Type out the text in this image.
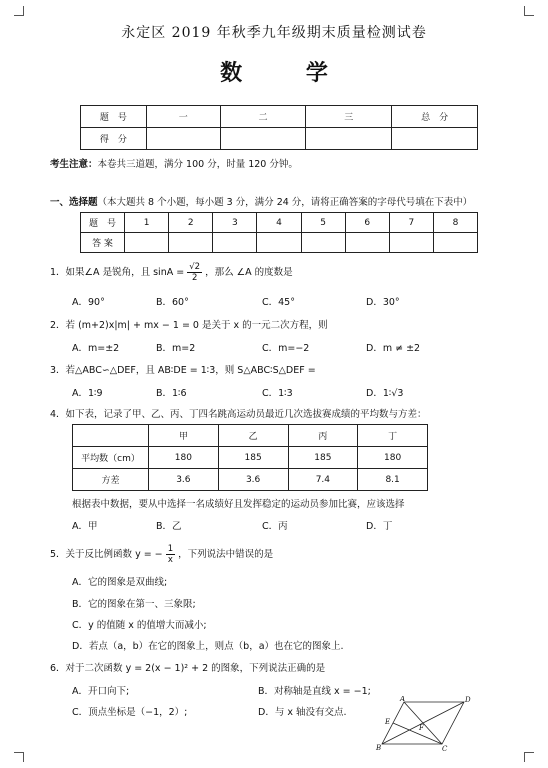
永定区 2019 年秋季九年级期末质量检测试卷
数 学
题　号	一	二	三	总　分
得　分				
考生注意：本卷共三道题，满分 100 分，时量 120 分钟。
一、选择题（本大题共 8 个小题，每小题 3 分，满分 24 分，请将正确答案的字母代号填在下表中）
题　号	1	2	3	4	5	6	7	8
答 案								
1．如果∠A 是锐角，且 $\sin A = \frac{√2}{2}$ ，那么 ∠A 的度数是
A．90°	B．60°	C．45°	D．30°
2．若 (m+2)x|m| + mx − 1 = 0 是关于 x 的一元二次方程，则
A．m=±2	B．m=2	C．m=−2	D．m ≠ ±2
3．若△ABC∽△DEF，且 AB∶DE = 1∶3，则 S△ABC∶S△DEF =
A．1∶9	B．1∶6	C．1∶3	D．1∶√3
4．如下表，记录了甲、乙、丙、丁四名跳高运动员最近几次选拔赛成绩的平均数与方差：
	甲	乙	丙	丁
平均数（cm）	180	185	185	180
方差	3.6	3.6	7.4	8.1
根据表中数据，要从中选择一名成绩好且发挥稳定的运动员参加比赛，应该选择
A．甲	B．乙	C．丙	D．丁
5．关于反比例函数 y = − $\frac{1}{x}$ ，下列说法中错误的是
A．它的图象是双曲线;
B．它的图象在第一、三象限;
C．y 的值随 x 的值增大而减小;
D．若点（a，b）在它的图象上，则点（b，a）也在它的图象上.
6．对于二次函数 y = 2(x − 1)² + 2 的图象，下列说法正确的是
A．开口向下;	B．对称轴是直线 x = −1;
C．顶点坐标是（−1，2）;	D．与 x 轴没有交点.
A	D
E
F
B	C
